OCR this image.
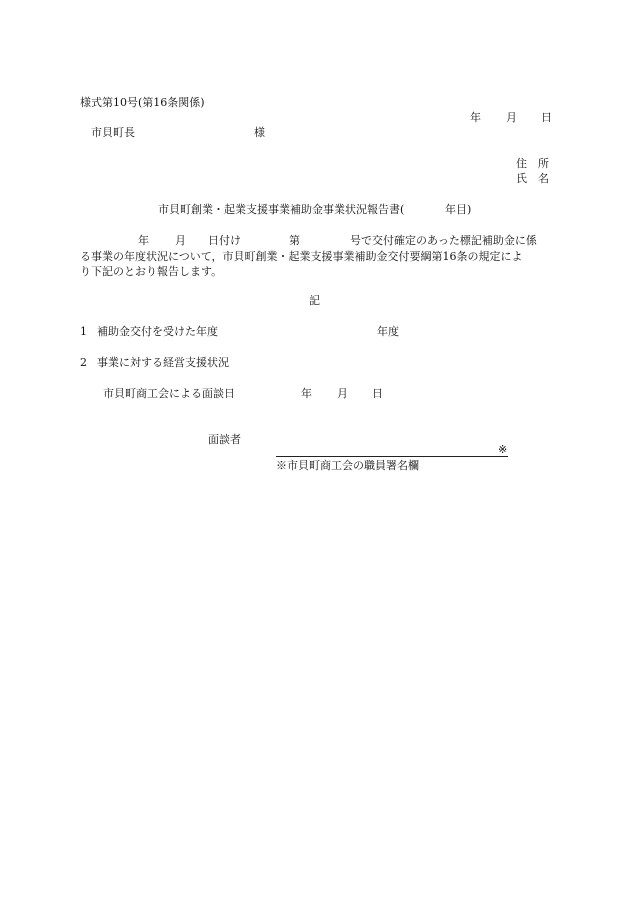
様式第10号(第16条関係)
年 月 日
市貝町長	様
住　所
氏　名
市貝町創業・起業支援事業補助金事業状況報告書(	年目)
年 月 日付け	第	号で交付確定のあった標記補助金に係
る事業の年度状況について，市貝町創業・起業支援事業補助金交付要綱第16条の規定によ
り下記のとおり報告します。
記
1 補助金交付を受けた年度	年度
2 事業に対する経営支援状況
市貝町商工会による面談日	年 月 日
面談者
※
※市貝町商工会の職員署名欄
